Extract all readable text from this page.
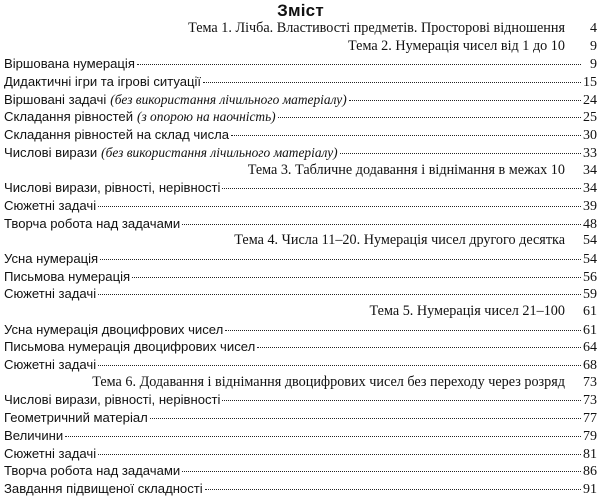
Зміст
Тема 1. Лічба. Властивості предметів. Просторові відношення	4
Тема 2. Нумерація чисел від 1 до 10	9
Віршована нумерація	9
Дидактичні ігри та ігрові ситуації	15
Віршовані задачі (без використання лічильного матеріалу)	24
Складання рівностей (з опорою на наочність)	25
Складання рівностей на склад числа	30
Числові вирази (без використання лічильного матеріалу)	33
Тема 3. Табличне додавання і віднімання в межах 10 34
Числові вирази, рівності, нерівності	34
Сюжетні задачі	39
Творча робота над задачами	48
Тема 4. Числа 11–20. Нумерація чисел другого десятка 54
Усна нумерація	54
Письмова нумерація	56
Сюжетні задачі	59
Тема 5. Нумерація чисел 21–100 61
Усна нумерація двоцифрових чисел	61
Письмова нумерація двоцифрових чисел	64
Сюжетні задачі	68
Тема 6. Додавання і віднімання двоцифрових чисел без переходу через розряд 73
Числові вирази, рівності, нерівності	73
Геометричний матеріал	77
Величини	79
Сюжетні задачі	81
Творча робота над задачами	86
Завдання підвищеної складності	91
